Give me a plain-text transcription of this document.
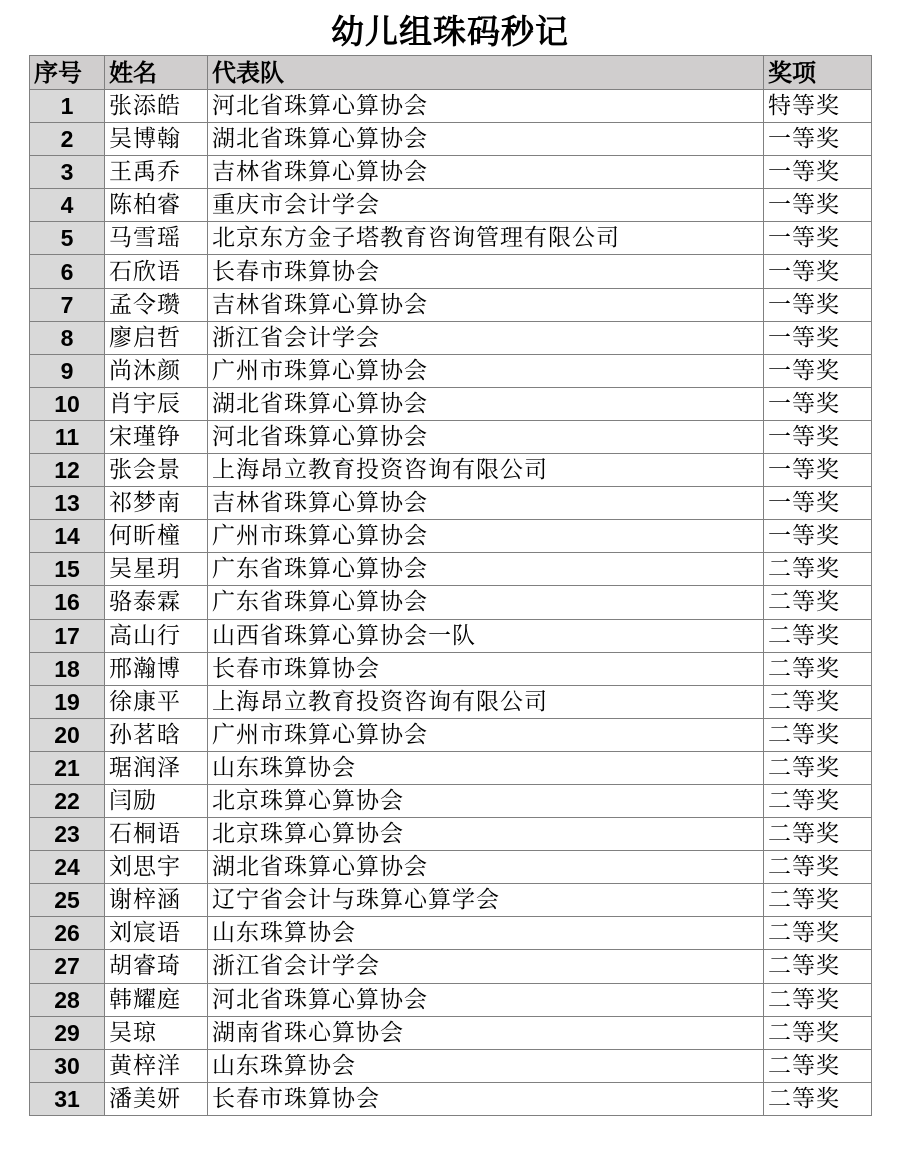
幼儿组珠码秒记
序号	姓名	代表队	奖项
1	张添皓	河北省珠算心算协会	特等奖
2	吴博翰	湖北省珠算心算协会	一等奖
3	王禹乔	吉林省珠算心算协会	一等奖
4	陈柏睿	重庆市会计学会	一等奖
5	马雪瑶	北京东方金子塔教育咨询管理有限公司	一等奖
6	石欣语	长春市珠算协会	一等奖
7	孟令瓒	吉林省珠算心算协会	一等奖
8	廖启哲	浙江省会计学会	一等奖
9	尚沐颜	广州市珠算心算协会	一等奖
10	肖宇辰	湖北省珠算心算协会	一等奖
11	宋瑾铮	河北省珠算心算协会	一等奖
12	张会景	上海昂立教育投资咨询有限公司	一等奖
13	祁梦南	吉林省珠算心算协会	一等奖
14	何昕橦	广州市珠算心算协会	一等奖
15	吴星玥	广东省珠算心算协会	二等奖
16	骆泰霖	广东省珠算心算协会	二等奖
17	高山行	山西省珠算心算协会一队	二等奖
18	邢瀚博	长春市珠算协会	二等奖
19	徐康平	上海昂立教育投资咨询有限公司	二等奖
20	孙茗晗	广州市珠算心算协会	二等奖
21	琚润泽	山东珠算协会	二等奖
22	闫励	北京珠算心算协会	二等奖
23	石桐语	北京珠算心算协会	二等奖
24	刘思宇	湖北省珠算心算协会	二等奖
25	谢梓涵	辽宁省会计与珠算心算学会	二等奖
26	刘宸语	山东珠算协会	二等奖
27	胡睿琦	浙江省会计学会	二等奖
28	韩耀庭	河北省珠算心算协会	二等奖
29	吴琼	湖南省珠心算协会	二等奖
30	黄梓洋	山东珠算协会	二等奖
31	潘美妍	长春市珠算协会	二等奖
